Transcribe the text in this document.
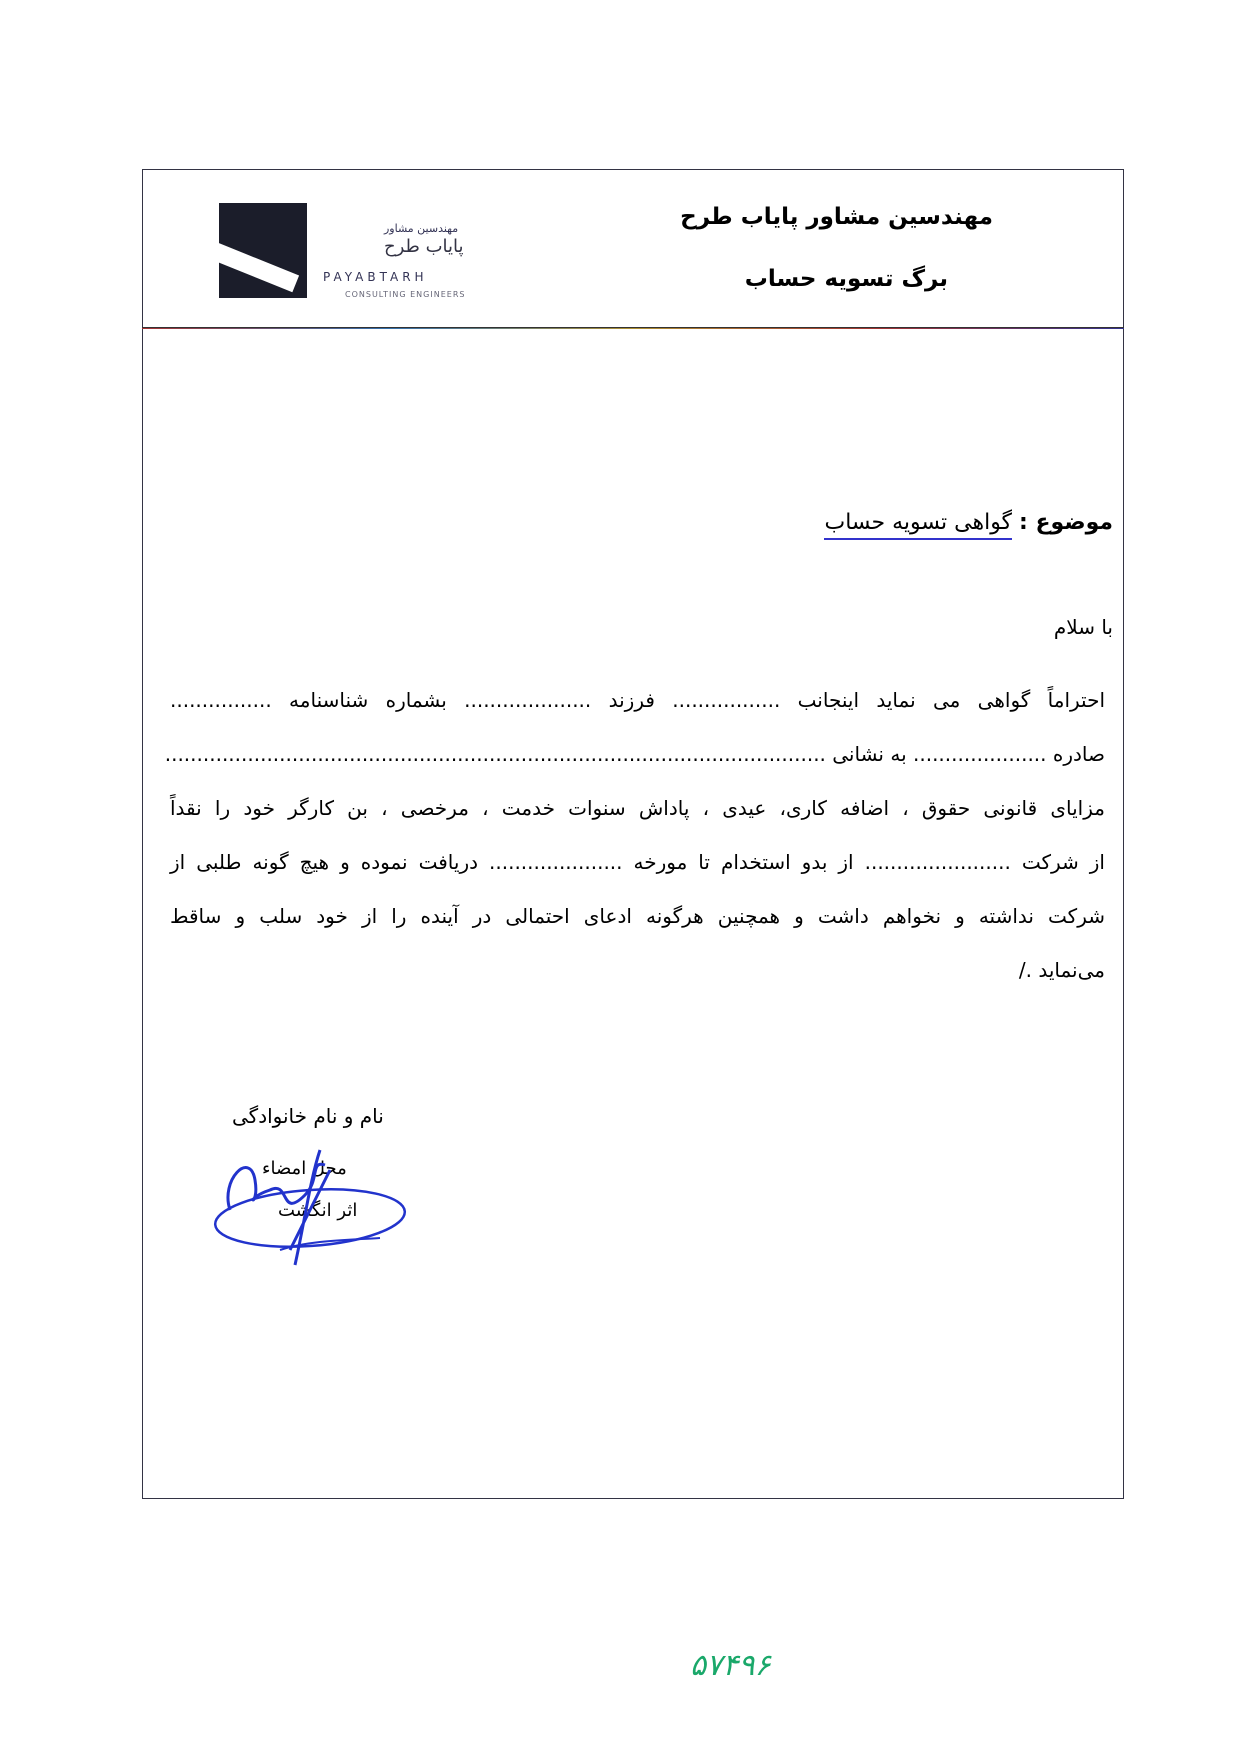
مهندسین مشاور پایاب طرح
برگ تسویه حساب
مهندسین مشاور
پایاب طرح
PAYABTARH
CONSULTING ENGINEERS
موضوع : گواهی تسویه حساب
با سلام
احتراماً گواهی می نماید اینجانب ................. فرزند .................... بشماره شناسنامه ................
صادره ..................... به نشانی ........................................................................................................
مزایای قانونی حقوق ، اضافه کاری، عیدی ، پاداش سنوات خدمت ، مرخصی ، بن کارگر خود را نقداً
از شرکت ....................... از بدو استخدام تا مورخه ..................... دریافت نموده و هیچ گونه طلبی از
شرکت نداشته و نخواهم داشت و همچنین هرگونه ادعای احتمالی در آینده را از خود سلب و ساقط
می‌نماید ./
نام و نام خانوادگی
محل امضاء
اثر انگشت
۵۷۴۹۶
